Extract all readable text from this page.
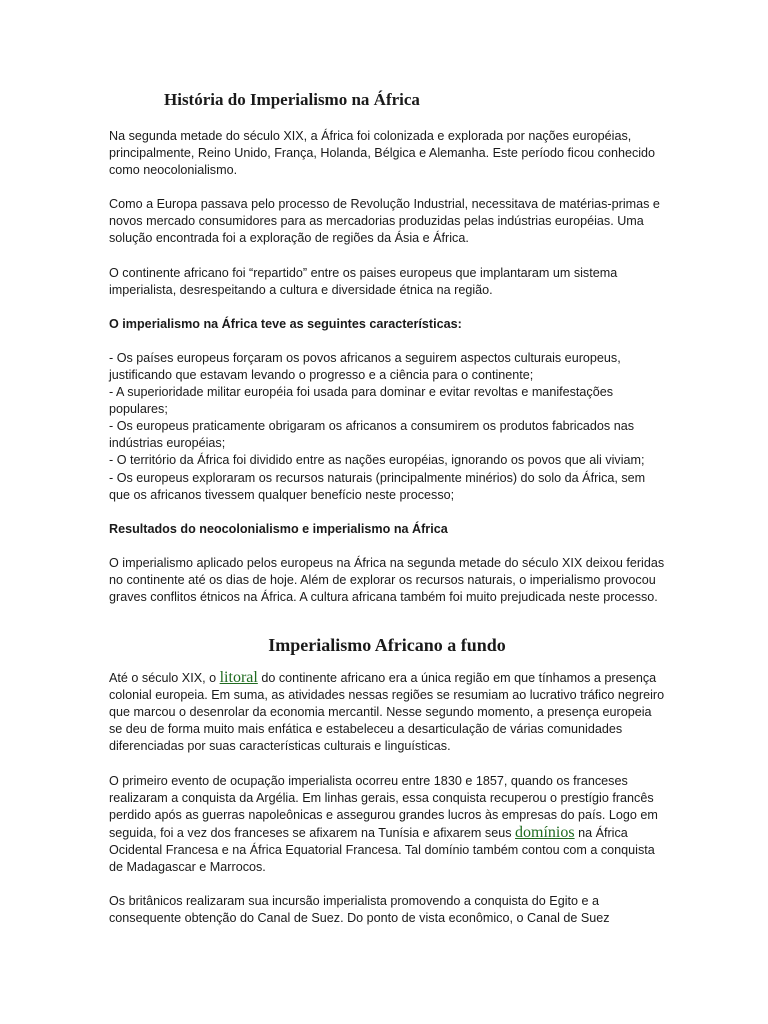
História do Imperialismo na África

Na segunda metade do século XIX, a África foi colonizada e explorada por nações européias, principalmente, Reino Unido, França, Holanda, Bélgica e Alemanha. Este período ficou conhecido como neocolonialismo.

Como a Europa passava pelo processo de Revolução Industrial, necessitava de matérias-primas e novos mercado consumidores para as mercadorias produzidas pelas indústrias européias. Uma solução encontrada foi a exploração de regiões da Ásia e África.

O continente africano foi “repartido” entre os paises europeus que implantaram um sistema imperialista, desrespeitando a cultura e diversidade étnica na região.

O imperialismo na África teve as seguintes características:

- Os países europeus forçaram os povos africanos a seguirem aspectos culturais europeus, justificando que estavam levando o progresso e a ciência para o continente;
- A superioridade militar européia foi usada para dominar e evitar revoltas e manifestações populares;
- Os europeus praticamente obrigaram os africanos a consumirem os produtos fabricados nas indústrias européias;
- O território da África foi dividido entre as nações européias, ignorando os povos que ali viviam;
- Os europeus exploraram os recursos naturais (principalmente minérios) do solo da África, sem que os africanos tivessem qualquer benefício neste processo;

Resultados do neocolonialismo e imperialismo na África

O imperialismo aplicado pelos europeus na África na segunda metade do século XIX deixou feridas no continente até os dias de hoje. Além de explorar os recursos naturais, o imperialismo provocou graves conflitos étnicos na África. A cultura africana também foi muito prejudicada neste processo.

Imperialismo Africano a fundo

Até o século XIX, o litoral do continente africano era a única região em que tínhamos a presença colonial europeia. Em suma, as atividades nessas regiões se resumiam ao lucrativo tráfico negreiro que marcou o desenrolar da economia mercantil. Nesse segundo momento, a presença europeia se deu de forma muito mais enfática e estabeleceu a desarticulação de várias comunidades diferenciadas por suas características culturais e linguísticas.

O primeiro evento de ocupação imperialista ocorreu entre 1830 e 1857, quando os franceses realizaram a conquista da Argélia. Em linhas gerais, essa conquista recuperou o prestígio francês perdido após as guerras napoleônicas e assegurou grandes lucros às empresas do país. Logo em seguida, foi a vez dos franceses se afixarem na Tunísia e afixarem seus domínios na África Ocidental Francesa e na África Equatorial Francesa. Tal domínio também contou com a conquista de Madagascar e Marrocos.

Os britânicos realizaram sua incursão imperialista promovendo a conquista do Egito e a consequente obtenção do Canal de Suez. Do ponto de vista econômico, o Canal de Suez
